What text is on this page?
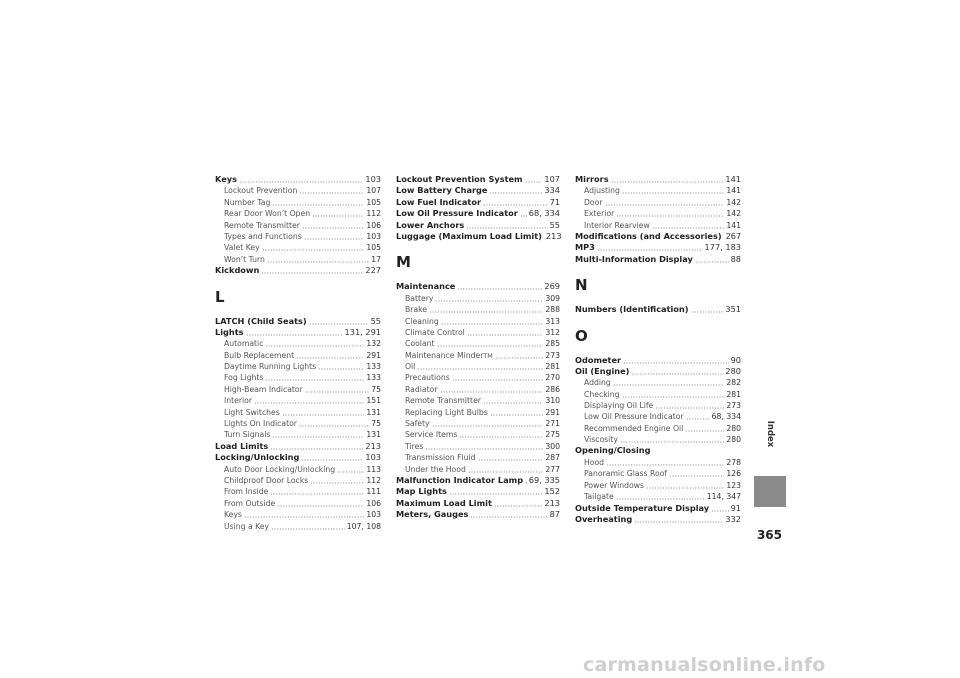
Keys	103
Lockout Prevention	107
Number Tag	105
Rear Door Won’t Open	112
Remote Transmitter	106
Types and Functions	103
Valet Key	105
Won’t Turn	17
Kickdown	227
L
LATCH (Child Seats)	55
Lights	131, 291
Automatic	132
Bulb Replacement	291
Daytime Running Lights	133
Fog Lights	133
High-Beam Indicator	75
Interior	151
Light Switches	131
Lights On Indicator	75
Turn Signals	131
Load Limits	213
Locking/Unlocking	103
Auto Door Locking/Unlocking	113
Childproof Door Locks	112
From Inside	111
From Outside	106
Keys	103
Using a Key	107, 108
Lockout Prevention System	107
Low Battery Charge	334
Low Fuel Indicator	71
Low Oil Pressure Indicator 68, 334
Lower Anchors	55
Luggage (Maximum Load Limit) 213
M
Maintenance	269
Battery	309
Brake	288
Cleaning	313
Climate Control	312
Coolant	285
Maintenance Minder TM	273
Oil	281
Precautions	270
Radiator	286
Remote Transmitter	310
Replacing Light Bulbs	291
Safety	271
Service Items	275
Tires	300
Transmission Fluid	287
Under the Hood	277
Malfunction Indicator Lamp 69, 335
Map Lights	152
Maximum Load Limit	213
Meters, Gauges	87
Mirrors	141
Adjusting	141
Door	142
Exterior	142
Interior Rearview	141
Modifications (and Accessories) 267
MP3	177, 183
Multi-Information Display	88
N
Numbers (Identification)	351
O
Odometer	90
Oil (Engine)	280
Adding	282
Checking	281
Displaying Oil Life	273
Low Oil Pressure Indicator	68, 334
Recommended Engine Oil	280
Viscosity	280
Opening/Closing
Hood	278
Panoramic Glass Roof	126
Power Windows	123
Tailgate	114, 347
Outside Temperature Display	91
Overheating	332
Index
365
carmanualsonline.info
